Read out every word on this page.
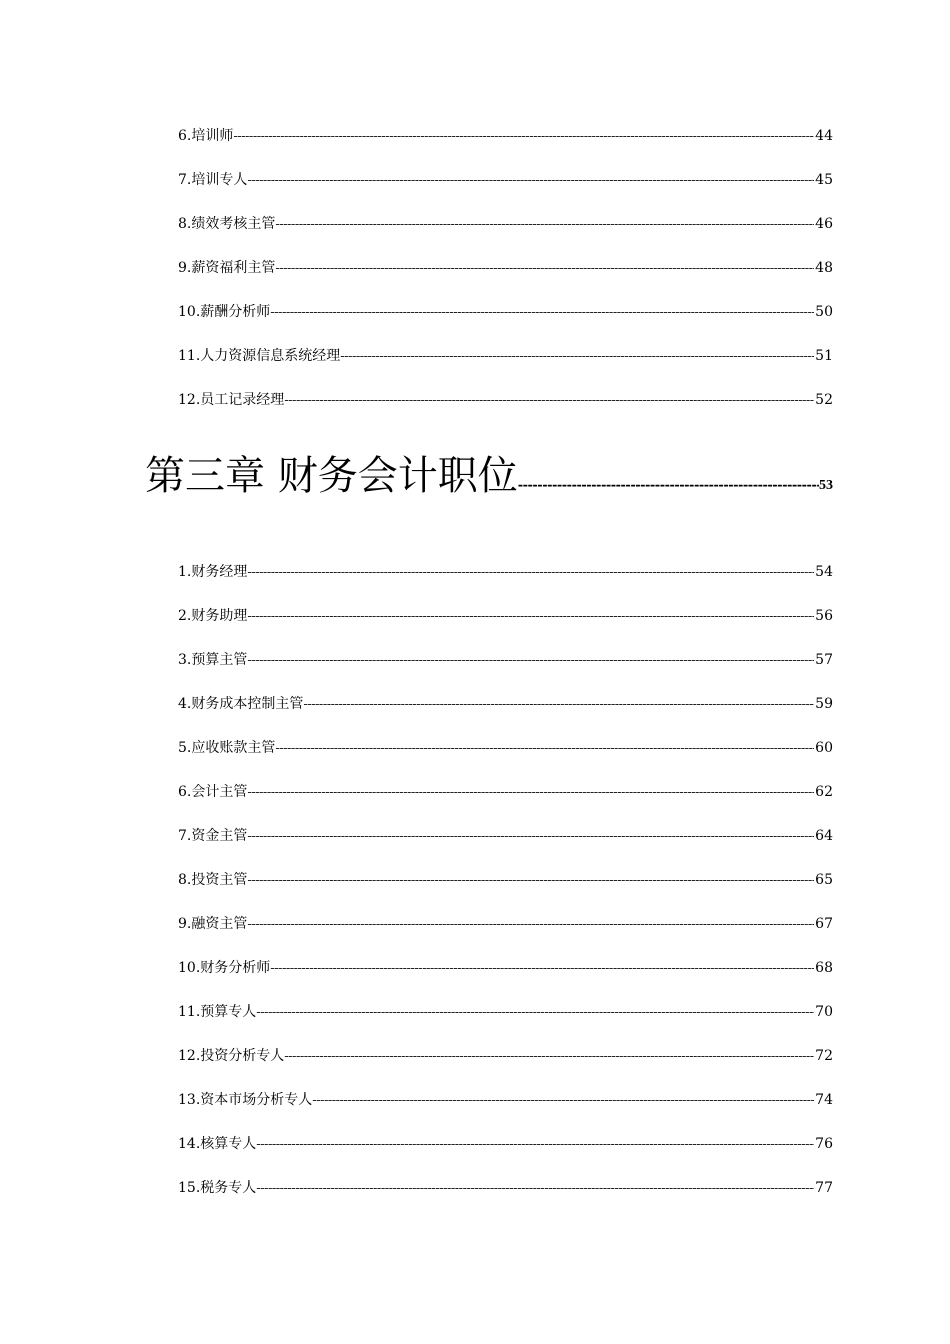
6.培训师 -----	44
7.培训专人 -----	45
8.绩效考核主管 -----	46
9.薪资福利主管 -----	48
10.薪酬分析师 -----	50
11.人力资源信息系统经理 -----	51
12.员工记录经理 -----	52
第三章 财务会计职位 -----	53
1.财务经理 -----	54
2.财务助理 -----	56
3.预算主管 -----	57
4.财务成本控制主管 -----	59
5.应收账款主管 -----	60
6.会计主管 -----	62
7.资金主管 -----	64
8.投资主管 -----	65
9.融资主管 -----	67
10.财务分析师 -----	68
11.预算专人 -----	70
12.投资分析专人 -----	72
13.资本市场分析专人 -----	74
14.核算专人 -----	76
15.税务专人 -----	77
